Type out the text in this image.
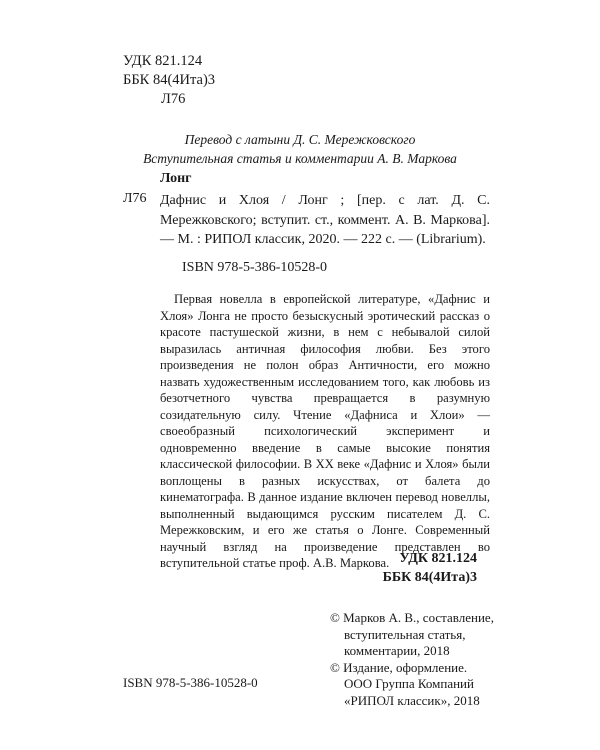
УДК 821.124
ББК 84(4Ита)3
Л76
Перевод с латыни Д. С. Мережковского
Вступительная статья и комментарии А. В. Маркова
Лонг
Л76 Дафнис и Хлоя / Лонг ; [пер. с лат. Д. С. Мережковского; вступит. ст., коммент. А. В. Маркова]. — М. : РИПОЛ классик, 2020. — 222 с. — (Librarium).
ISBN 978-5-386-10528-0
Первая новелла в европейской литературе, «Дафнис и Хлоя» Лонга не просто безыскусный эротический рассказ о красоте пастушеской жизни, в нем с небывалой силой выразилась античная философия любви. Без этого произведения не полон образ Античности, его можно назвать художественным исследованием того, как любовь из безотчетного чувства превращается в разумную созидательную силу. Чтение «Дафниса и Хлои» — своеобразный психологический эксперимент и одновременно введение в самые высокие понятия классической философии. В XX веке «Дафнис и Хлоя» были воплощены в разных искусствах, от балета до кинематографа. В данное издание включен перевод новеллы, выполненный выдающимся русским писателем Д. С. Мережковским, и его же статья о Лонге. Современный научный взгляд на произведение представлен во вступительной статье проф. А.В. Маркова. УДК 821.124
ББК 84(4Ита)3
© Марков А. В., составление,
вступительная статья,
комментарии, 2018
© Издание, оформление.
ООО Группа Компаний
«РИПОЛ классик», 2018
ISBN 978-5-386-10528-0
